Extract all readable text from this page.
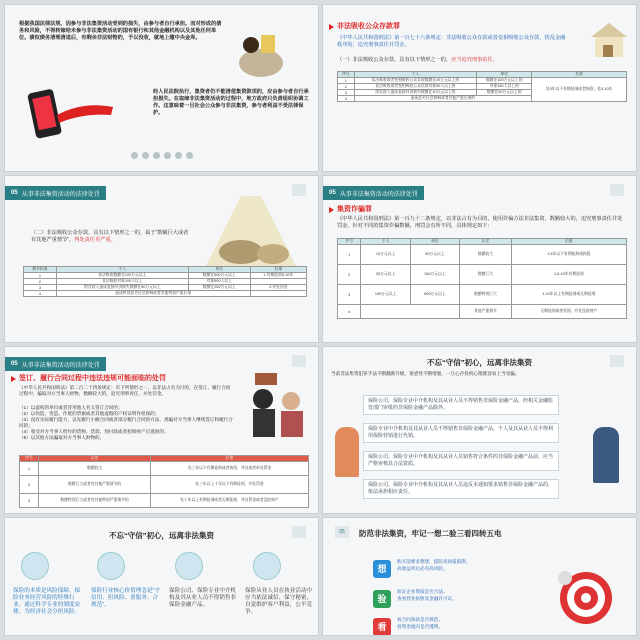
根据我国法律法规，因参与非法集资活动受到的损失，由参与者自行承担。而对形成的债务和风险，不得转嫁给未参与非法集资活动的国有银行和其他金融机构以及其他任何单位。债权债务清理清退后，有剩余非法财物的，予以没收，就地上缴中央金库。
经人民法院执行，集资者仍不能清偿集资款项的，应由参与者自行承担损失。在取缔非法集资活动的过程中，地方政府只负责组织协调工作。这意味着一旦社会公众参与非法集资，参与者利益不受法律保护。
非法吸收公众存款罪
《中华人民共和国刑法》第一百七十六条规定：非法吸收公众存款或者变相吸收公众存款，扰乱金融秩序的，追究刑事责任并罚金。
（一）非法吸收公众存款，具有以下情形之一的，应当追究刑事责任。
序号	个人	单位	后果
1	非法吸收或者变相吸收公众存款数额在20万元以上的	数额在100万元以上的	处3年以下有期徒刑或者拘役；处3-10年
2	非法吸收或者变相吸收公众存款对象30人以上的	对象150人以上的	
3	给存款人造成直接经济损失数额在10万元以上的	数额在50万元以上的	
4	造成恶劣社会影响或者其他严重后果的		
05 从事非法集资活动的法律处罚
（二）非法吸收公众存款，具有以下情形之一的，属于“数额巨大或者有其他严重情节”，判处责任更严重。
情节标准	个人	单位	后果
1	非法吸收数额在100万元以上	数额在500万元以上	1.有期徒刑3-10年
2	非法吸收对象100人以上	对象500人以上	
3	给存款人造成直接经济损失数额在50万元以上	数额在250万元以上	2.并处罚金
4	造成特别恶劣社会影响或者其他特别严重后果		
05 从事非法集资活动的法律处罚
集资诈骗罪
《中华人民共和国刑法》第一百九十二条规定，以非法占有为目的，使用诈骗方法非法集资，数额较大的，追究刑事责任并处罚金。针对不同的集资诈骗数额，刑罚会有所不同，具体规定如下：
序号	个人	单位	认定	后果
1	10万元以上	50万元以上	数额较大	1.5年以下有期徒刑或拘役
2	30万元以上	150万元以上	数额巨大	1.5-10年有期徒刑
3	100万元以上	500万元以上	数额特别巨大	1.10年以上有期徒刑或无期徒刑
4			其他严重情节	无期徒刑或者死刑，并处没收财产
05 从事非法集资活动的法律处罚
签订、履行合同过程中违法违规可能面临的处罚
《中华人民共和国刑法》第二百二十四条规定：有下列情形之一，以非法占有为目的，在签订、履行合同过程中，骗取对方当事人财物，数额较大的，追究刑事责任，并处罚金。
（1）以虚构的单位或者冒用他人名义签订合同的；
（2）以伪造、变造、作废的票据或者其他虚假的产权证明作担保的；
（3）没有实际履行能力，以先履行小额合同或者部分履行合同的方法，诱骗对方当事人继续签订和履行合同的；
（4）收受对方当事人给付的货物、货款、预付款或者担保财产后逃匿的；
（5）以其他方法骗取对方当事人财物的。
序号	认定	后果
1	数额较大	处三年以下有期徒刑或者拘役，并处或者单处罚金
2	数额巨大或者有其他严重情节的	处三年以上十年以下有期徒刑，并处罚金
3	数额特别巨大或者有其他特别严重情节的	处十年以上有期徒刑或者无期徒刑，并处罚金或者没收财产
不忘“守信”初心，远离非法集资
当前非法集资犯罪手法不断翻新升级，迷惑性不断增强，一旦心存投机心理就容易上当受骗。
保险公司、保险专业中介机构及其从业人员不得销售非保险金融产品，经相关金融监管部门审批的非保险金融产品除外。
保险专业中介机构及其从业人员不得销售非保险金融产品，个人及其从业人员不得利用保险营销进行代销。
保险公司、保险专业中介机构及其从业人员销售符合条件的非保险金融产品前，应当严格审核其合法资质。
保险公司、保险专业中介机构及其从业人员违反本通知要求销售非保险金融产品的，依法承担相应责任。
不忘“守信”初心，远离非法集资
保险的本质是风险保障，保险业务经营风险的特殊行业，通过科学专业的制度安排，为经济社会分担风险。
保险行业核心价值理念是“守信用、担风险、重服务、合规范”。
保险公司、保险专业中介机构及其从业人员不得销售非保险金融产品。
保险从业人员在执业活动中应当依法诚信、保守秘密，自觉维护客户利益，公平竞争。
05	防范非法集资，牢记一想二验三看四转五电
想
购买前要多想想，提防高回报陷阱。
高收益背后必有高风险。
验
验证企业资质是否合法。
查看营业执照及金融许可证。
看
看合同条款是否规范。
看资金流向是否透明。
